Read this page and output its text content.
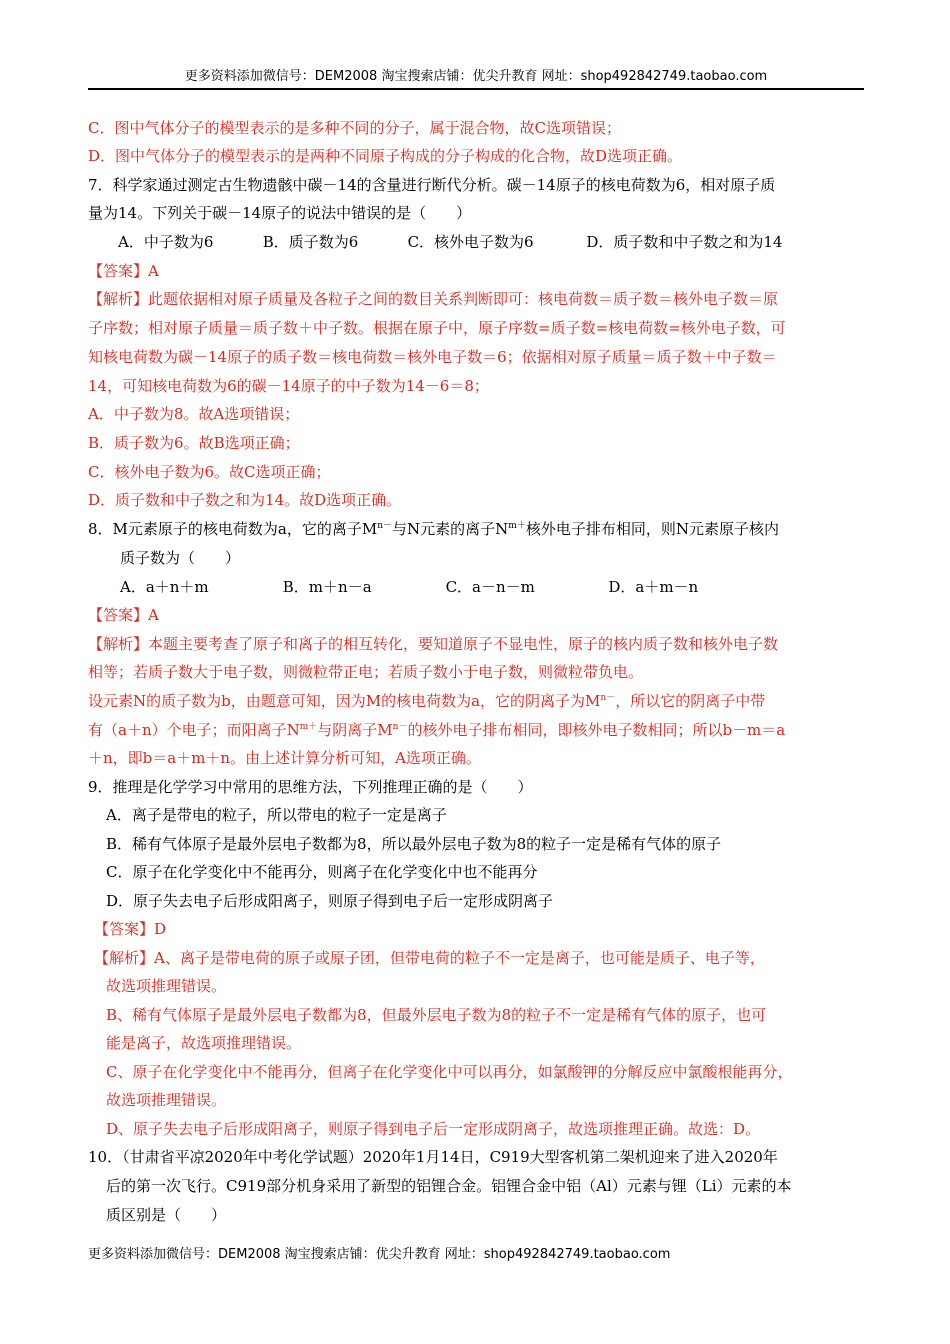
更多资料添加微信号：DEM2008 淘宝搜索店铺：优尖升教育 网址：shop492842749.taobao.com
C．图中气体分子的模型表示的是多种不同的分子，属于混合物，故C选项错误；
D．图中气体分子的模型表示的是两种不同原子构成的分子构成的化合物，故D选项正确。
7．科学家通过测定古生物遗骸中碳－14的含量进行断代分析。碳－14原子的核电荷数为6，相对原子质
量为14。下列关于碳－14原子的说法中错误的是（　　）
A．中子数为6	B．质子数为6	C．核外电子数为6	D．质子数和中子数之和为14
【答案】A
【解析】此题依据相对原子质量及各粒子之间的数目关系判断即可：核电荷数＝质子数＝核外电子数＝原
子序数；相对原子质量＝质子数＋中子数。根据在原子中，原子序数=质子数=核电荷数=核外电子数，可
知核电荷数为碳－14原子的质子数＝核电荷数＝核外电子数＝6；依据相对原子质量＝质子数＋中子数＝
14，可知核电荷数为6的碳－14原子的中子数为14－6＝8；
A．中子数为8。故A选项错误；
B．质子数为6。故B选项正确；
C．核外电子数为6。故C选项正确；
D．质子数和中子数之和为14。故D选项正确。
8．M元素原子的核电荷数为a，它的离子$M^{n-}$与N元素的离子$N^{m+}$核外电子排布相同，则N元素原子核内
质子数为（　　）
A．a＋n＋m	B．m＋n－a	C．a－n－m	D．a＋m－n
【答案】A
【解析】本题主要考查了原子和离子的相互转化，要知道原子不显电性，原子的核内质子数和核外电子数
相等；若质子数大于电子数，则微粒带正电；若质子数小于电子数，则微粒带负电。
设元素N的质子数为b，由题意可知，因为M的核电荷数为a，它的阴离子为$M^{n-}$，所以它的阴离子中带
有（a＋n）个电子；而阳离子$N^{m+}$与阴离子$M^{n-}$的核外电子排布相同，即核外电子数相同；所以b－m＝a
＋n，即b＝a＋m＋n。由上述计算分析可知，A选项正确。
9．推理是化学学习中常用的思维方法，下列推理正确的是（　　）
A．离子是带电的粒子，所以带电的粒子一定是离子
B．稀有气体原子是最外层电子数都为8，所以最外层电子数为8的粒子一定是稀有气体的原子
C．原子在化学变化中不能再分，则离子在化学变化中也不能再分
D．原子失去电子后形成阳离子，则原子得到电子后一定形成阴离子
【答案】D
【解析】A、离子是带电荷的原子或原子团，但带电荷的粒子不一定是离子，也可能是质子、电子等，
故选项推理错误。
B、稀有气体原子是最外层电子数都为8，但最外层电子数为8的粒子不一定是稀有气体的原子，也可
能是离子，故选项推理错误。
C、原子在化学变化中不能再分，但离子在化学变化中可以再分，如氯酸钾的分解反应中氯酸根能再分，
故选项推理错误。
D、原子失去电子后形成阳离子，则原子得到电子后一定形成阴离子，故选项推理正确。故选：D。
10．（甘肃省平凉2020年中考化学试题）2020年1月14日，C919大型客机第二架机迎来了进入2020年
后的第一次飞行。C919部分机身采用了新型的铝锂合金。铝锂合金中铝（Al）元素与锂（Li）元素的本
质区别是（　　）
更多资料添加微信号：DEM2008 淘宝搜索店铺：优尖升教育 网址：shop492842749.taobao.com
